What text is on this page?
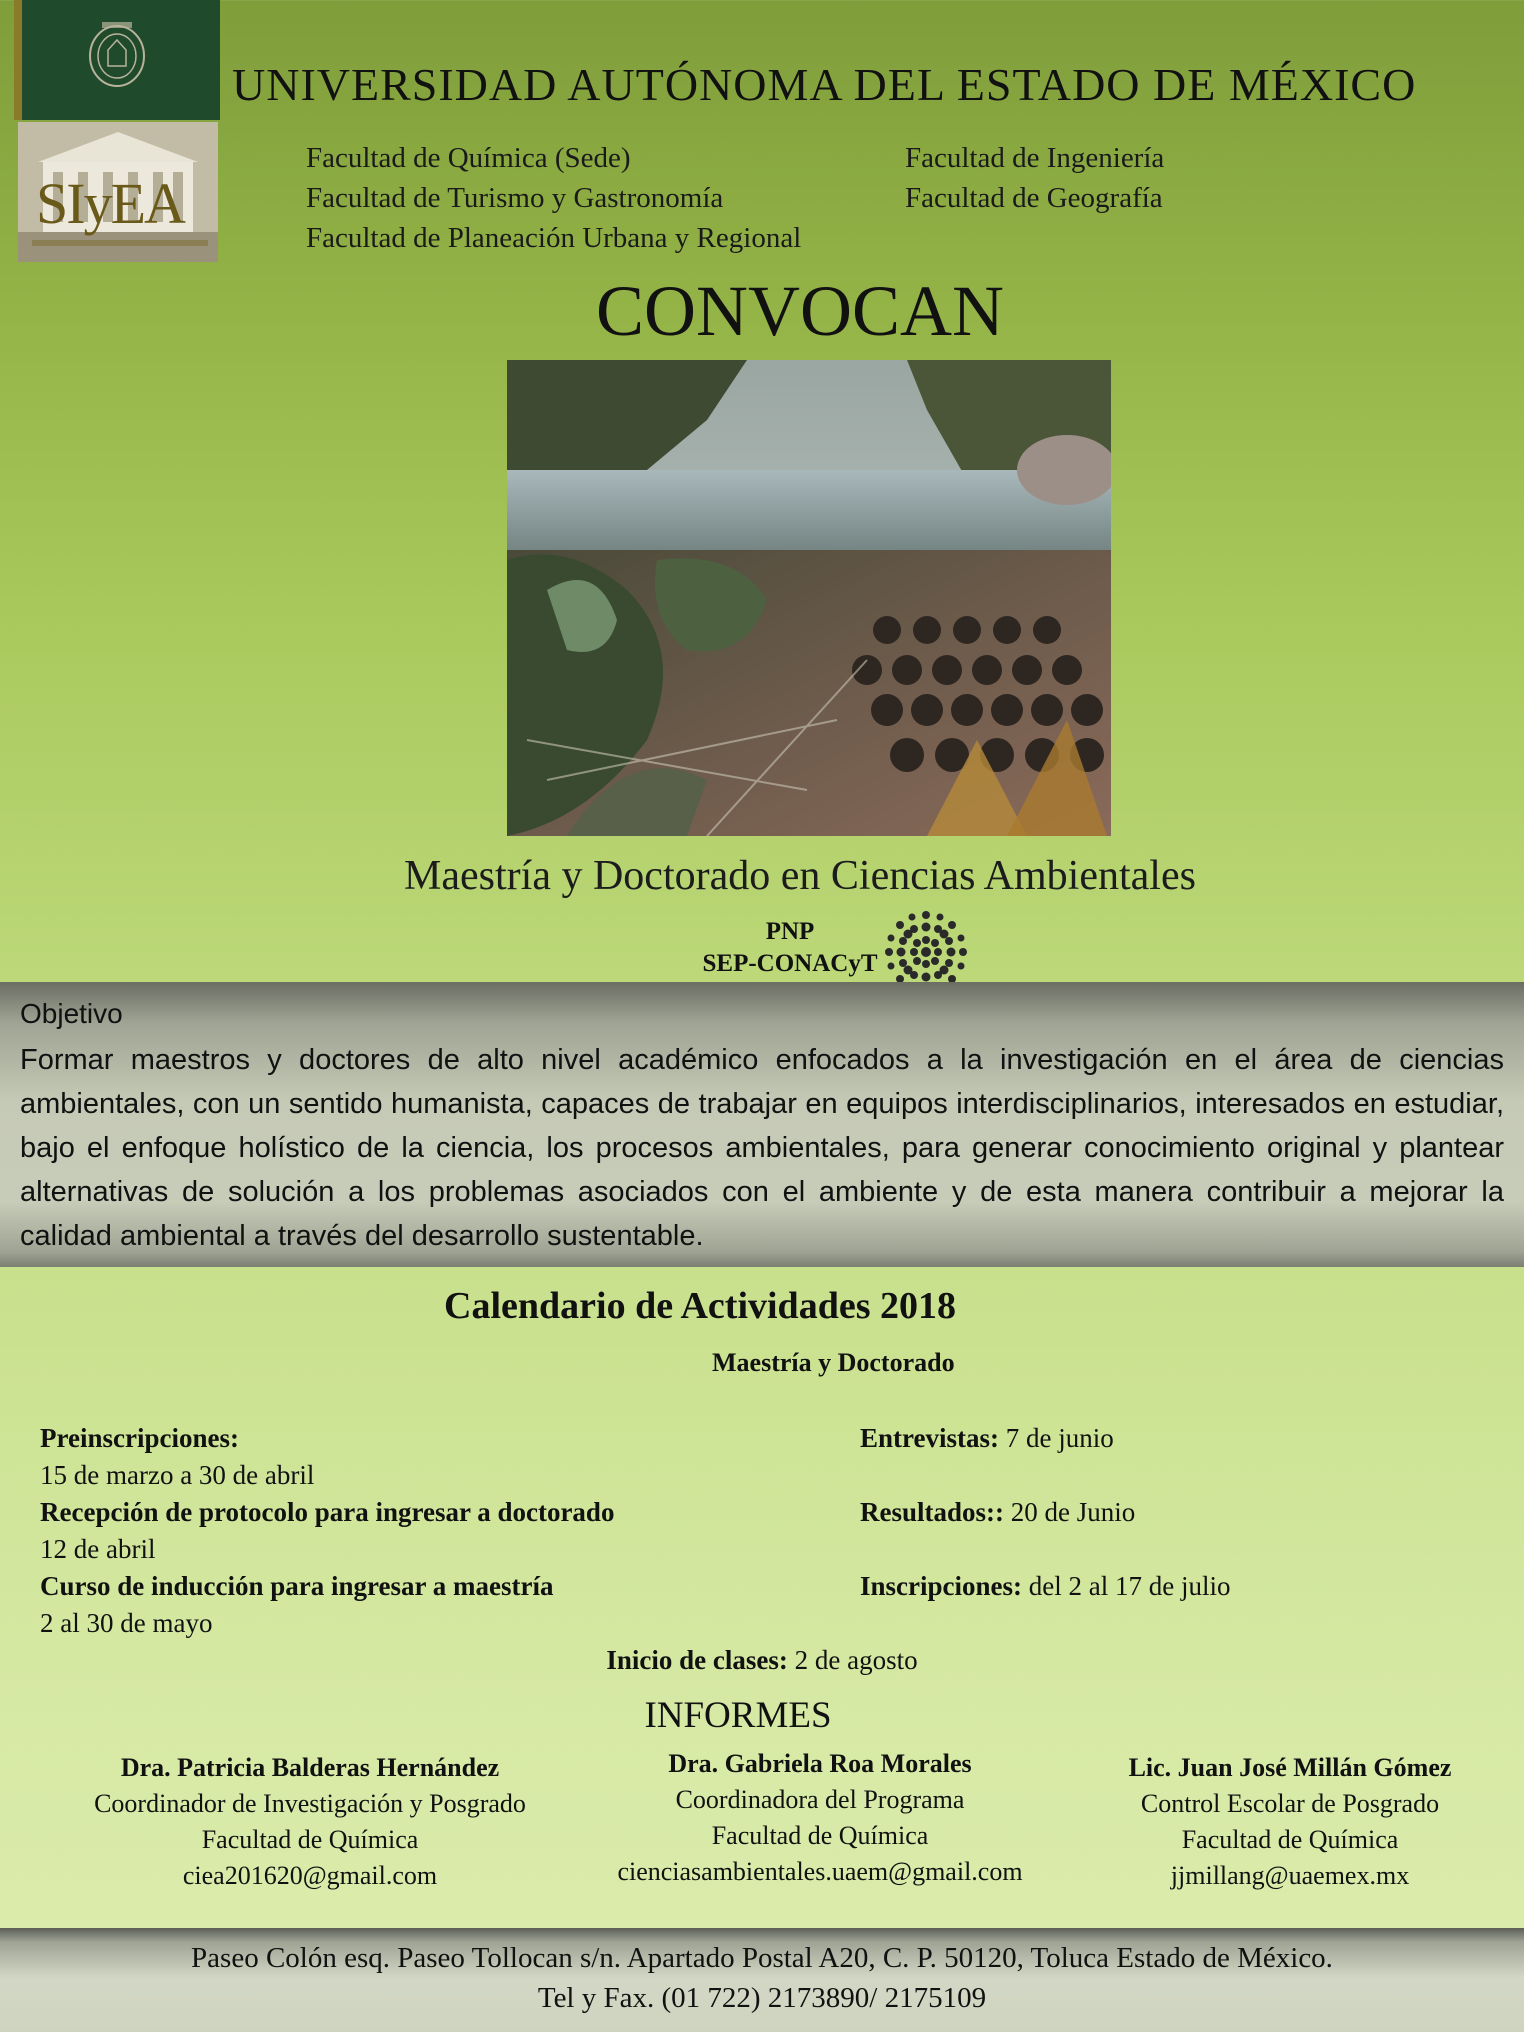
SIyEA
UNIVERSIDAD AUTÓNOMA DEL ESTADO DE MÉXICO
Facultad de Química (Sede)
Facultad de Turismo y Gastronomía
Facultad de Planeación Urbana y Regional
Facultad de Ingeniería
Facultad de Geografía
CONVOCAN
Maestría y Doctorado en Ciencias Ambientales
PNP
SEP-CONACyT
Objetivo
Formar maestros y doctores de alto nivel académico enfocados a la investigación en el área de ciencias ambientales, con un sentido humanista, capaces de trabajar en equipos interdisciplinarios, interesados en estudiar, bajo el enfoque holístico de la ciencia, los procesos ambientales, para generar conocimiento original y plantear alternativas de solución a los problemas asociados con el ambiente y de esta manera contribuir a mejorar la calidad ambiental a través del desarrollo sustentable.
Calendario de Actividades 2018
Maestría y Doctorado
Preinscripciones:
15 de marzo a 30 de abril
Recepción de protocolo para ingresar a doctorado
12 de abril
Curso de inducción para ingresar a maestría
2 al 30 de mayo
Entrevistas: 7 de junio
Resultados:: 20 de Junio
Inscripciones: del 2 al 17 de julio
Inicio de clases: 2 de agosto
INFORMES
Dra. Patricia Balderas Hernández
Coordinador de Investigación y Posgrado
Facultad de Química
ciea201620@gmail.com
Dra. Gabriela Roa Morales
Coordinadora del Programa
Facultad de Química
cienciasambientales.uaem@gmail.com
Lic. Juan José Millán Gómez
Control Escolar de Posgrado
Facultad de Química
jjmillang@uaemex.mx
Paseo Colón esq. Paseo Tollocan s/n. Apartado Postal A20, C. P. 50120, Toluca Estado de México.
Tel y Fax. (01 722) 2173890/ 2175109
